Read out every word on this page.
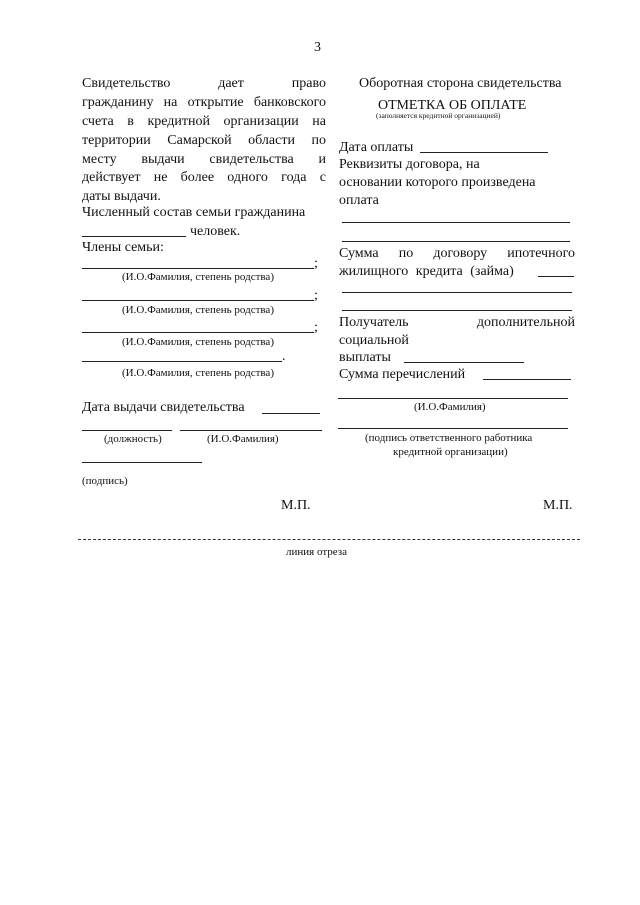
3
Свидетельство дает право
гражданину на открытие банковского
счета в кредитной организации на
территории Самарской области по
месту выдачи свидетельства и
действует не более одного года с
даты выдачи.
Численный состав семьи гражданина
человек.
Члены семьи:
;
(И.О.Фамилия, степень родства)
;
(И.О.Фамилия, степень родства)
;
(И.О.Фамилия, степень родства)
.
(И.О.Фамилия, степень родства)
Дата выдачи свидетельства
(должность)	(И.О.Фамилия)
(подпись)
М.П.
Оборотная сторона свидетельства
ОТМЕТКА ОБ ОПЛАТЕ
(заполняется кредитной организацией)
Дата оплаты
Реквизиты договора, на
основании которого произведена
оплата
Сумма по договору ипотечного
жилищного кредита (займа)
Получатель дополнительной
социальной
выплаты
Сумма перечислений
(И.О.Фамилия)
(подпись ответственного работника
кредитной организации)
М.П.
линия отреза
